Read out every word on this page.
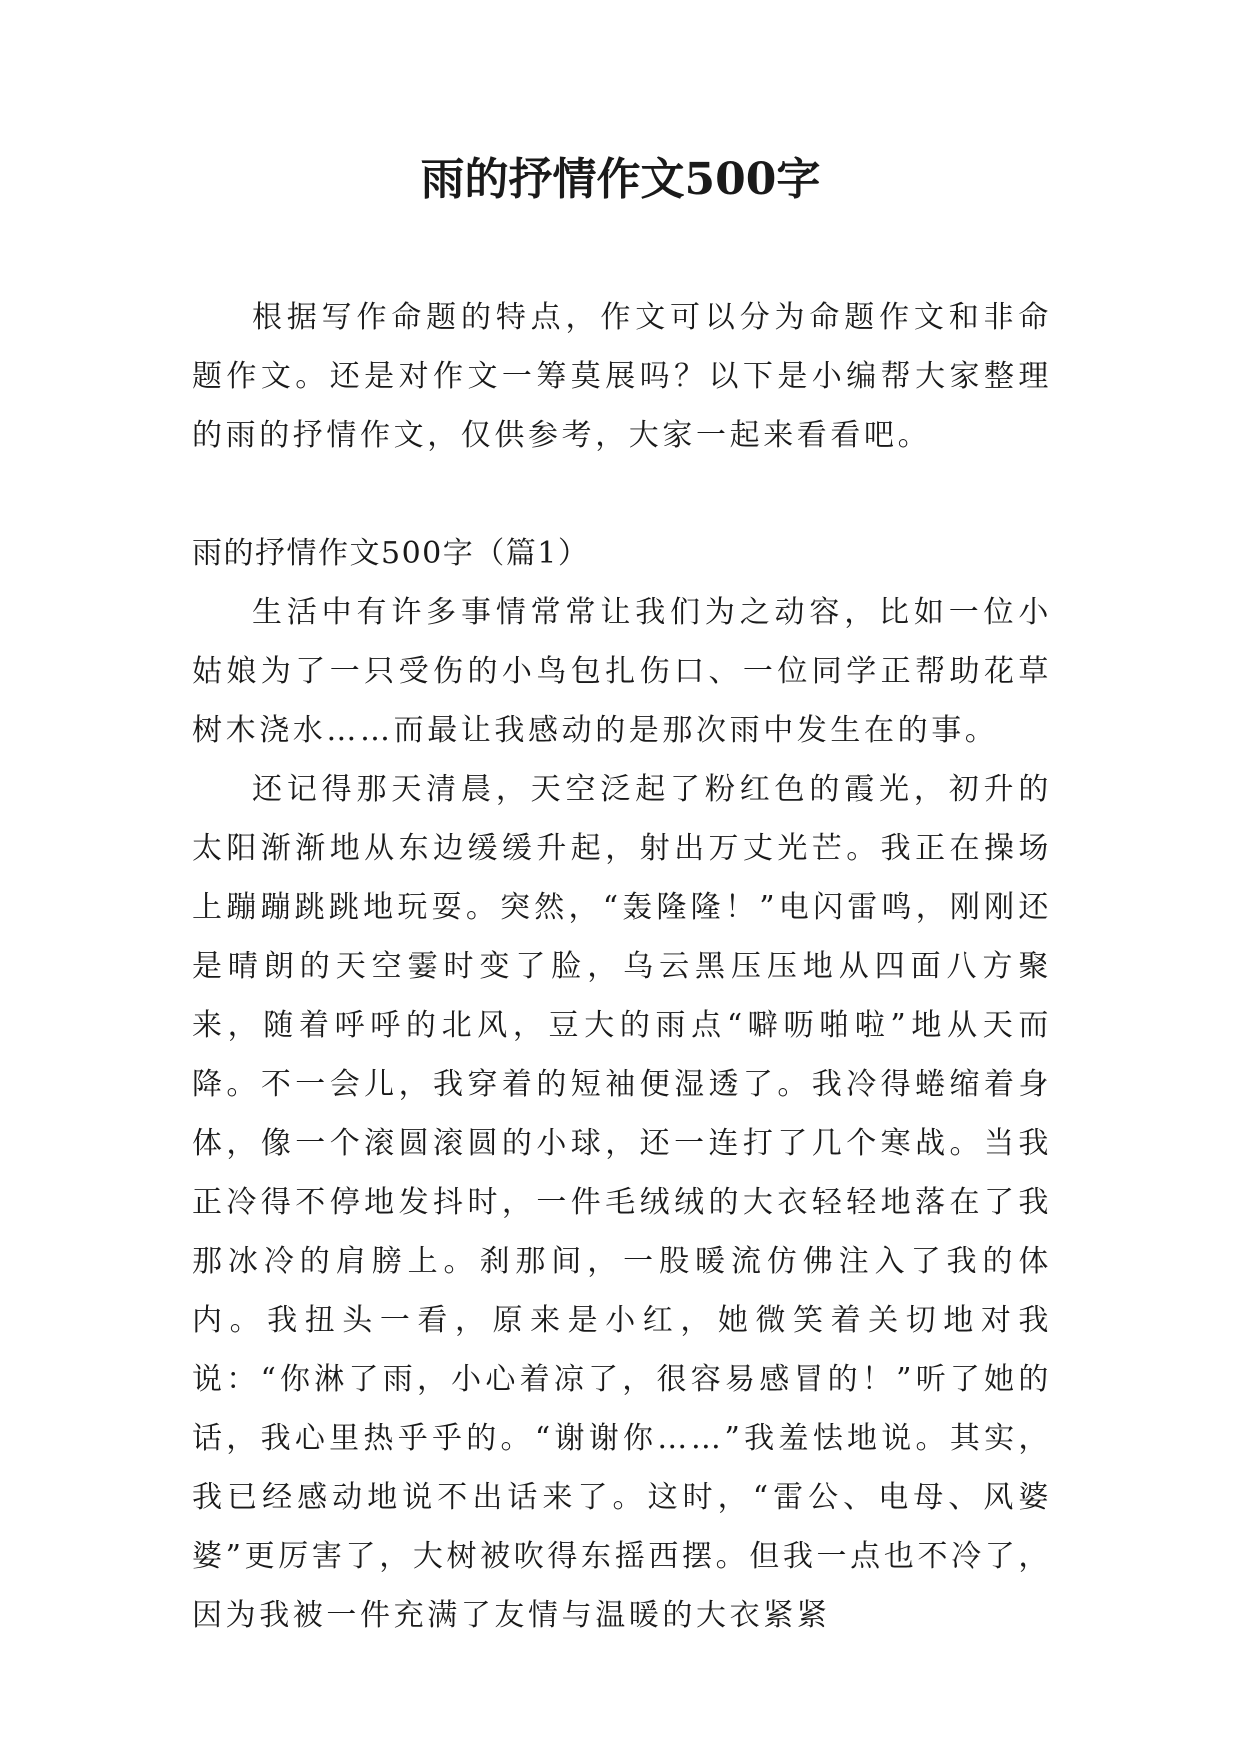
雨的抒情作文500字

根据写作命题的特点，作文可以分为命题作文和非命题作文。还是对作文一筹莫展吗？以下是小编帮大家整理的雨的抒情作文，仅供参考，大家一起来看看吧。

雨的抒情作文500字（篇1）

生活中有许多事情常常让我们为之动容，比如一位小姑娘为了一只受伤的小鸟包扎伤口、一位同学正帮助花草树木浇水……而最让我感动的是那次雨中发生在的事。

还记得那天清晨，天空泛起了粉红色的霞光，初升的太阳渐渐地从东边缓缓升起，射出万丈光芒。我正在操场上蹦蹦跳跳地玩耍。突然，“轰隆隆！”电闪雷鸣，刚刚还是晴朗的天空霎时变了脸，乌云黑压压地从四面八方聚来，随着呼呼的北风，豆大的雨点“噼呖啪啦”地从天而降。不一会儿，我穿着的短袖便湿透了。我冷得蜷缩着身体，像一个滚圆滚圆的小球，还一连打了几个寒战。当我正冷得不停地发抖时，一件毛绒绒的大衣轻轻地落在了我那冰冷的肩膀上。刹那间，一股暖流仿佛注入了我的体内。我扭头一看，原来是小红，她微笑着关切地对我说：“你淋了雨，小心着凉了，很容易感冒的！”听了她的话，我心里热乎乎的。“谢谢你……”我羞怯地说。其实，我已经感动地说不出话来了。这时，“雷公、电母、风婆婆”更厉害了，大树被吹得东摇西摆。但我一点也不冷了，因为我被一件充满了友情与温暖的大衣紧紧
